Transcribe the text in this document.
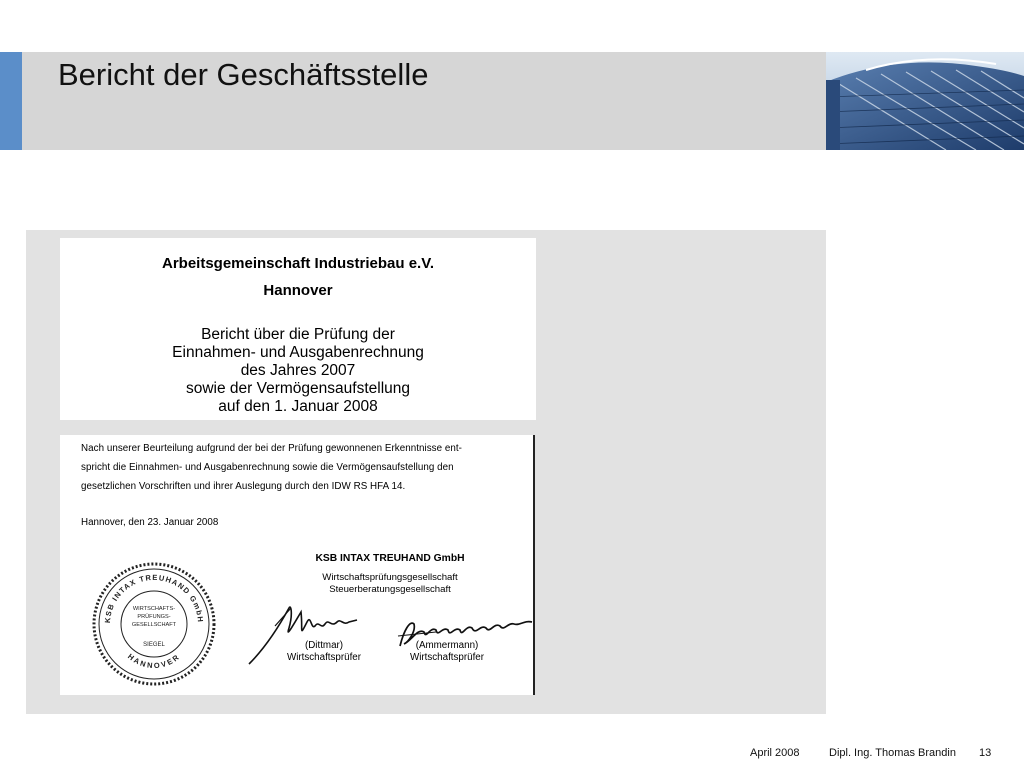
Bericht der Geschäftsstelle
Arbeitsgemeinschaft Industriebau e.V.
Hannover
Bericht über die Prüfung der
Einnahmen- und Ausgabenrechnung
des Jahres 2007
sowie der Vermögensaufstellung
auf den 1. Januar 2008
Nach unserer Beurteilung aufgrund der bei der Prüfung gewonnenen Erkenntnisse ent-
spricht die Einnahmen- und Ausgabenrechnung sowie die Vermögensaufstellung den
gesetzlichen Vorschriften und ihrer Auslegung durch den IDW RS HFA 14.
Hannover, den 23. Januar 2008
KSB INTAX TREUHAND GmbH
Wirtschaftsprüfungsgesellschaft
Steuerberatungsgesellschaft
KSB INTAX TREUHAND GmbH
HANNOVER
WIRTSCHAFTS-
PRÜFUNGS-
GESELLSCHAFT
SIEGEL	(Dittmar)
Wirtschaftsprüfer
(Ammermann)
Wirtschaftsprüfer
April 2008	Dipl. Ing. Thomas Brandin 13
